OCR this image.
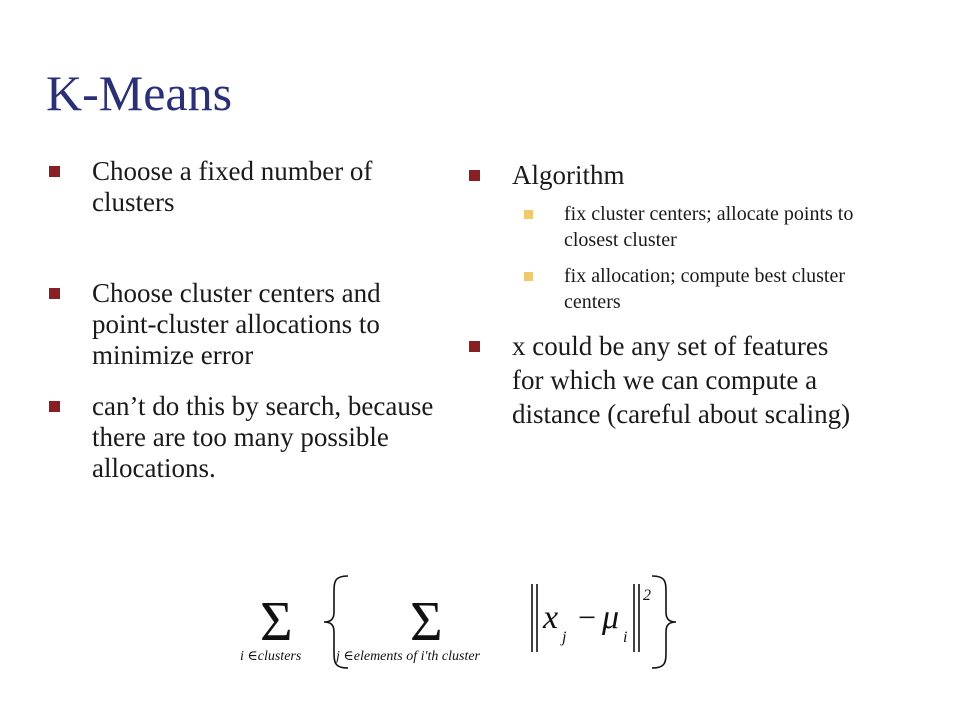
K-Means
Choose a fixed number of clusters
Choose cluster centers and point-cluster allocations to minimize error
can’t do this by search, because there are too many possible allocations.
Algorithm
fix cluster centers; allocate points to closest cluster
fix allocation; compute best cluster centers
x could be any set of features for which we can compute a distance (careful about scaling)
Σ
i ∈clusters
Σ
j ∈elements of i'th cluster
x
j
− μ
i
2
